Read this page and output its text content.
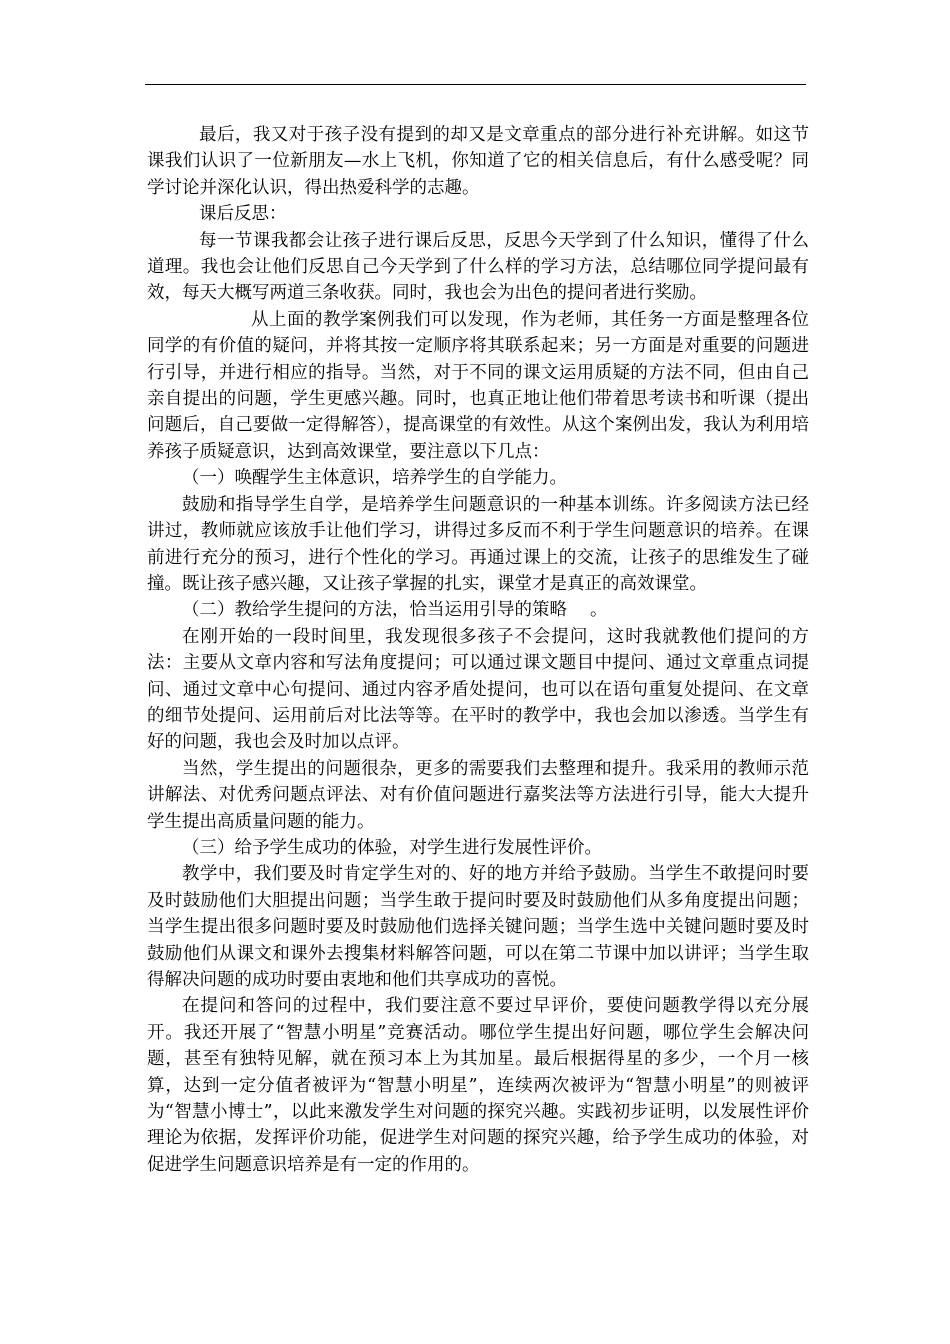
最后，我又对于孩子没有提到的却又是文章重点的部分进行补充讲解。如这节课我们认识了一位新朋友—水上飞机，你知道了它的相关信息后，有什么感受呢？同学讨论并深化认识，得出热爱科学的志趣。

课后反思：

每一节课我都会让孩子进行课后反思，反思今天学到了什么知识，懂得了什么道理。我也会让他们反思自己今天学到了什么样的学习方法，总结哪位同学提问最有效，每天大概写两道三条收获。同时，我也会为出色的提问者进行奖励。

从上面的教学案例我们可以发现，作为老师，其任务一方面是整理各位同学的有价值的疑问，并将其按一定顺序将其联系起来；另一方面是对重要的问题进行引导，并进行相应的指导。当然，对于不同的课文运用质疑的方法不同，但由自己亲自提出的问题，学生更感兴趣。同时，也真正地让他们带着思考读书和听课（提出问题后，自己要做一定得解答），提高课堂的有效性。从这个案例出发，我认为利用培养孩子质疑意识，达到高效课堂，要注意以下几点：

（一）唤醒学生主体意识，培养学生的自学能力。

鼓励和指导学生自学，是培养学生问题意识的一种基本训练。许多阅读方法已经讲过，教师就应该放手让他们学习，讲得过多反而不利于学生问题意识的培养。在课前进行充分的预习，进行个性化的学习。再通过课上的交流，让孩子的思维发生了碰撞。既让孩子感兴趣，又让孩子掌握的扎实，课堂才是真正的高效课堂。

（二）教给学生提问的方法，恰当运用引导的策略　 。

在刚开始的一段时间里，我发现很多孩子不会提问，这时我就教他们提问的方法：主要从文章内容和写法角度提问；可以通过课文题目中提问、通过文章重点词提问、通过文章中心句提问、通过内容矛盾处提问，也可以在语句重复处提问、在文章的细节处提问、运用前后对比法等等。在平时的教学中，我也会加以渗透。当学生有好的问题，我也会及时加以点评。

当然，学生提出的问题很杂，更多的需要我们去整理和提升。我采用的教师示范讲解法、对优秀问题点评法、对有价值问题进行嘉奖法等方法进行引导，能大大提升学生提出高质量问题的能力。

（三）给予学生成功的体验，对学生进行发展性评价。

教学中，我们要及时肯定学生对的、好的地方并给予鼓励。当学生不敢提问时要及时鼓励他们大胆提出问题；当学生敢于提问时要及时鼓励他们从多角度提出问题；当学生提出很多问题时要及时鼓励他们选择关键问题；当学生选中关键问题时要及时鼓励他们从课文和课外去搜集材料解答问题，可以在第二节课中加以讲评；当学生取得解决问题的成功时要由衷地和他们共享成功的喜悦。

在提问和答问的过程中，我们要注意不要过早评价，要使问题教学得以充分展开。我还开展了“智慧小明星”竞赛活动。哪位学生提出好问题，哪位学生会解决问题，甚至有独特见解，就在预习本上为其加星。最后根据得星的多少，一个月一核算，达到一定分值者被评为“智慧小明星”，连续两次被评为“智慧小明星”的则被评为“智慧小博士”，以此来激发学生对问题的探究兴趣。实践初步证明，以发展性评价理论为依据，发挥评价功能，促进学生对问题的探究兴趣，给予学生成功的体验，对促进学生问题意识培养是有一定的作用的。
